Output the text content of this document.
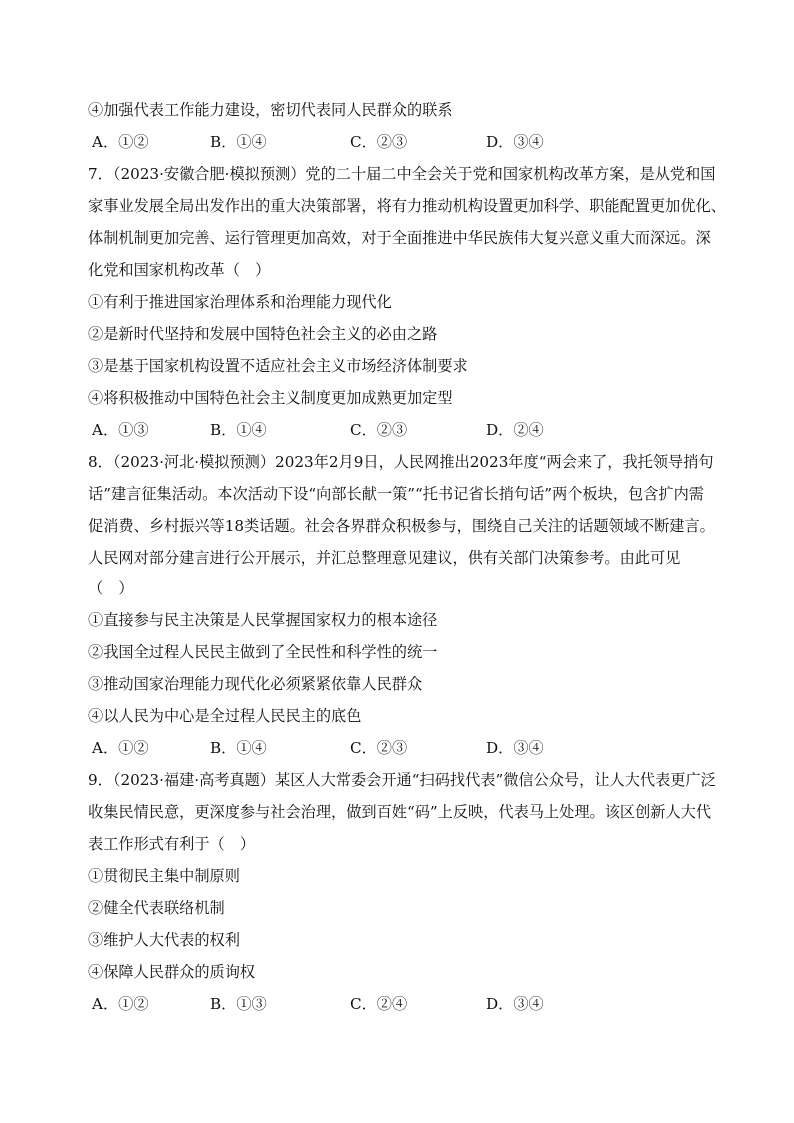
④加强代表工作能力建设，密切代表同人民群众的联系
A．①②	B．①④	C．②③	D．③④
7．（2023·安徽合肥·模拟预测）党的二十届二中全会关于党和国家机构改革方案，是从党和国
家事业发展全局出发作出的重大决策部署，将有力推动机构设置更加科学、职能配置更加优化、
体制机制更加完善、运行管理更加高效，对于全面推进中华民族伟大复兴意义重大而深远。深
化党和国家机构改革（　）
①有利于推进国家治理体系和治理能力现代化
②是新时代坚持和发展中国特色社会主义的必由之路
③是基于国家机构设置不适应社会主义市场经济体制要求
④将积极推动中国特色社会主义制度更加成熟更加定型
A．①③	B．①④	C．②③	D．②④
8．（2023·河北·模拟预测）2023年2月9日，人民网推出2023年度“两会来了，我托领导捎句
话”建言征集活动。本次活动下设“向部长献一策”“托书记省长捎句话”两个板块，包含扩内需
促消费、乡村振兴等18类话题。社会各界群众积极参与，围绕自己关注的话题领域不断建言。
人民网对部分建言进行公开展示，并汇总整理意见建议，供有关部门决策参考。由此可见
（　）
①直接参与民主决策是人民掌握国家权力的根本途径
②我国全过程人民民主做到了全民性和科学性的统一
③推动国家治理能力现代化必须紧紧依靠人民群众
④以人民为中心是全过程人民民主的底色
A．①②	B．①④	C．②③	D．③④
9．（2023·福建·高考真题）某区人大常委会开通“扫码找代表”微信公众号，让人大代表更广泛
收集民情民意，更深度参与社会治理，做到百姓“码”上反映，代表马上处理。该区创新人大代
表工作形式有利于（　）
①贯彻民主集中制原则
②健全代表联络机制
③维护人大代表的权利
④保障人民群众的质询权
A．①②	B．①③	C．②④	D．③④
